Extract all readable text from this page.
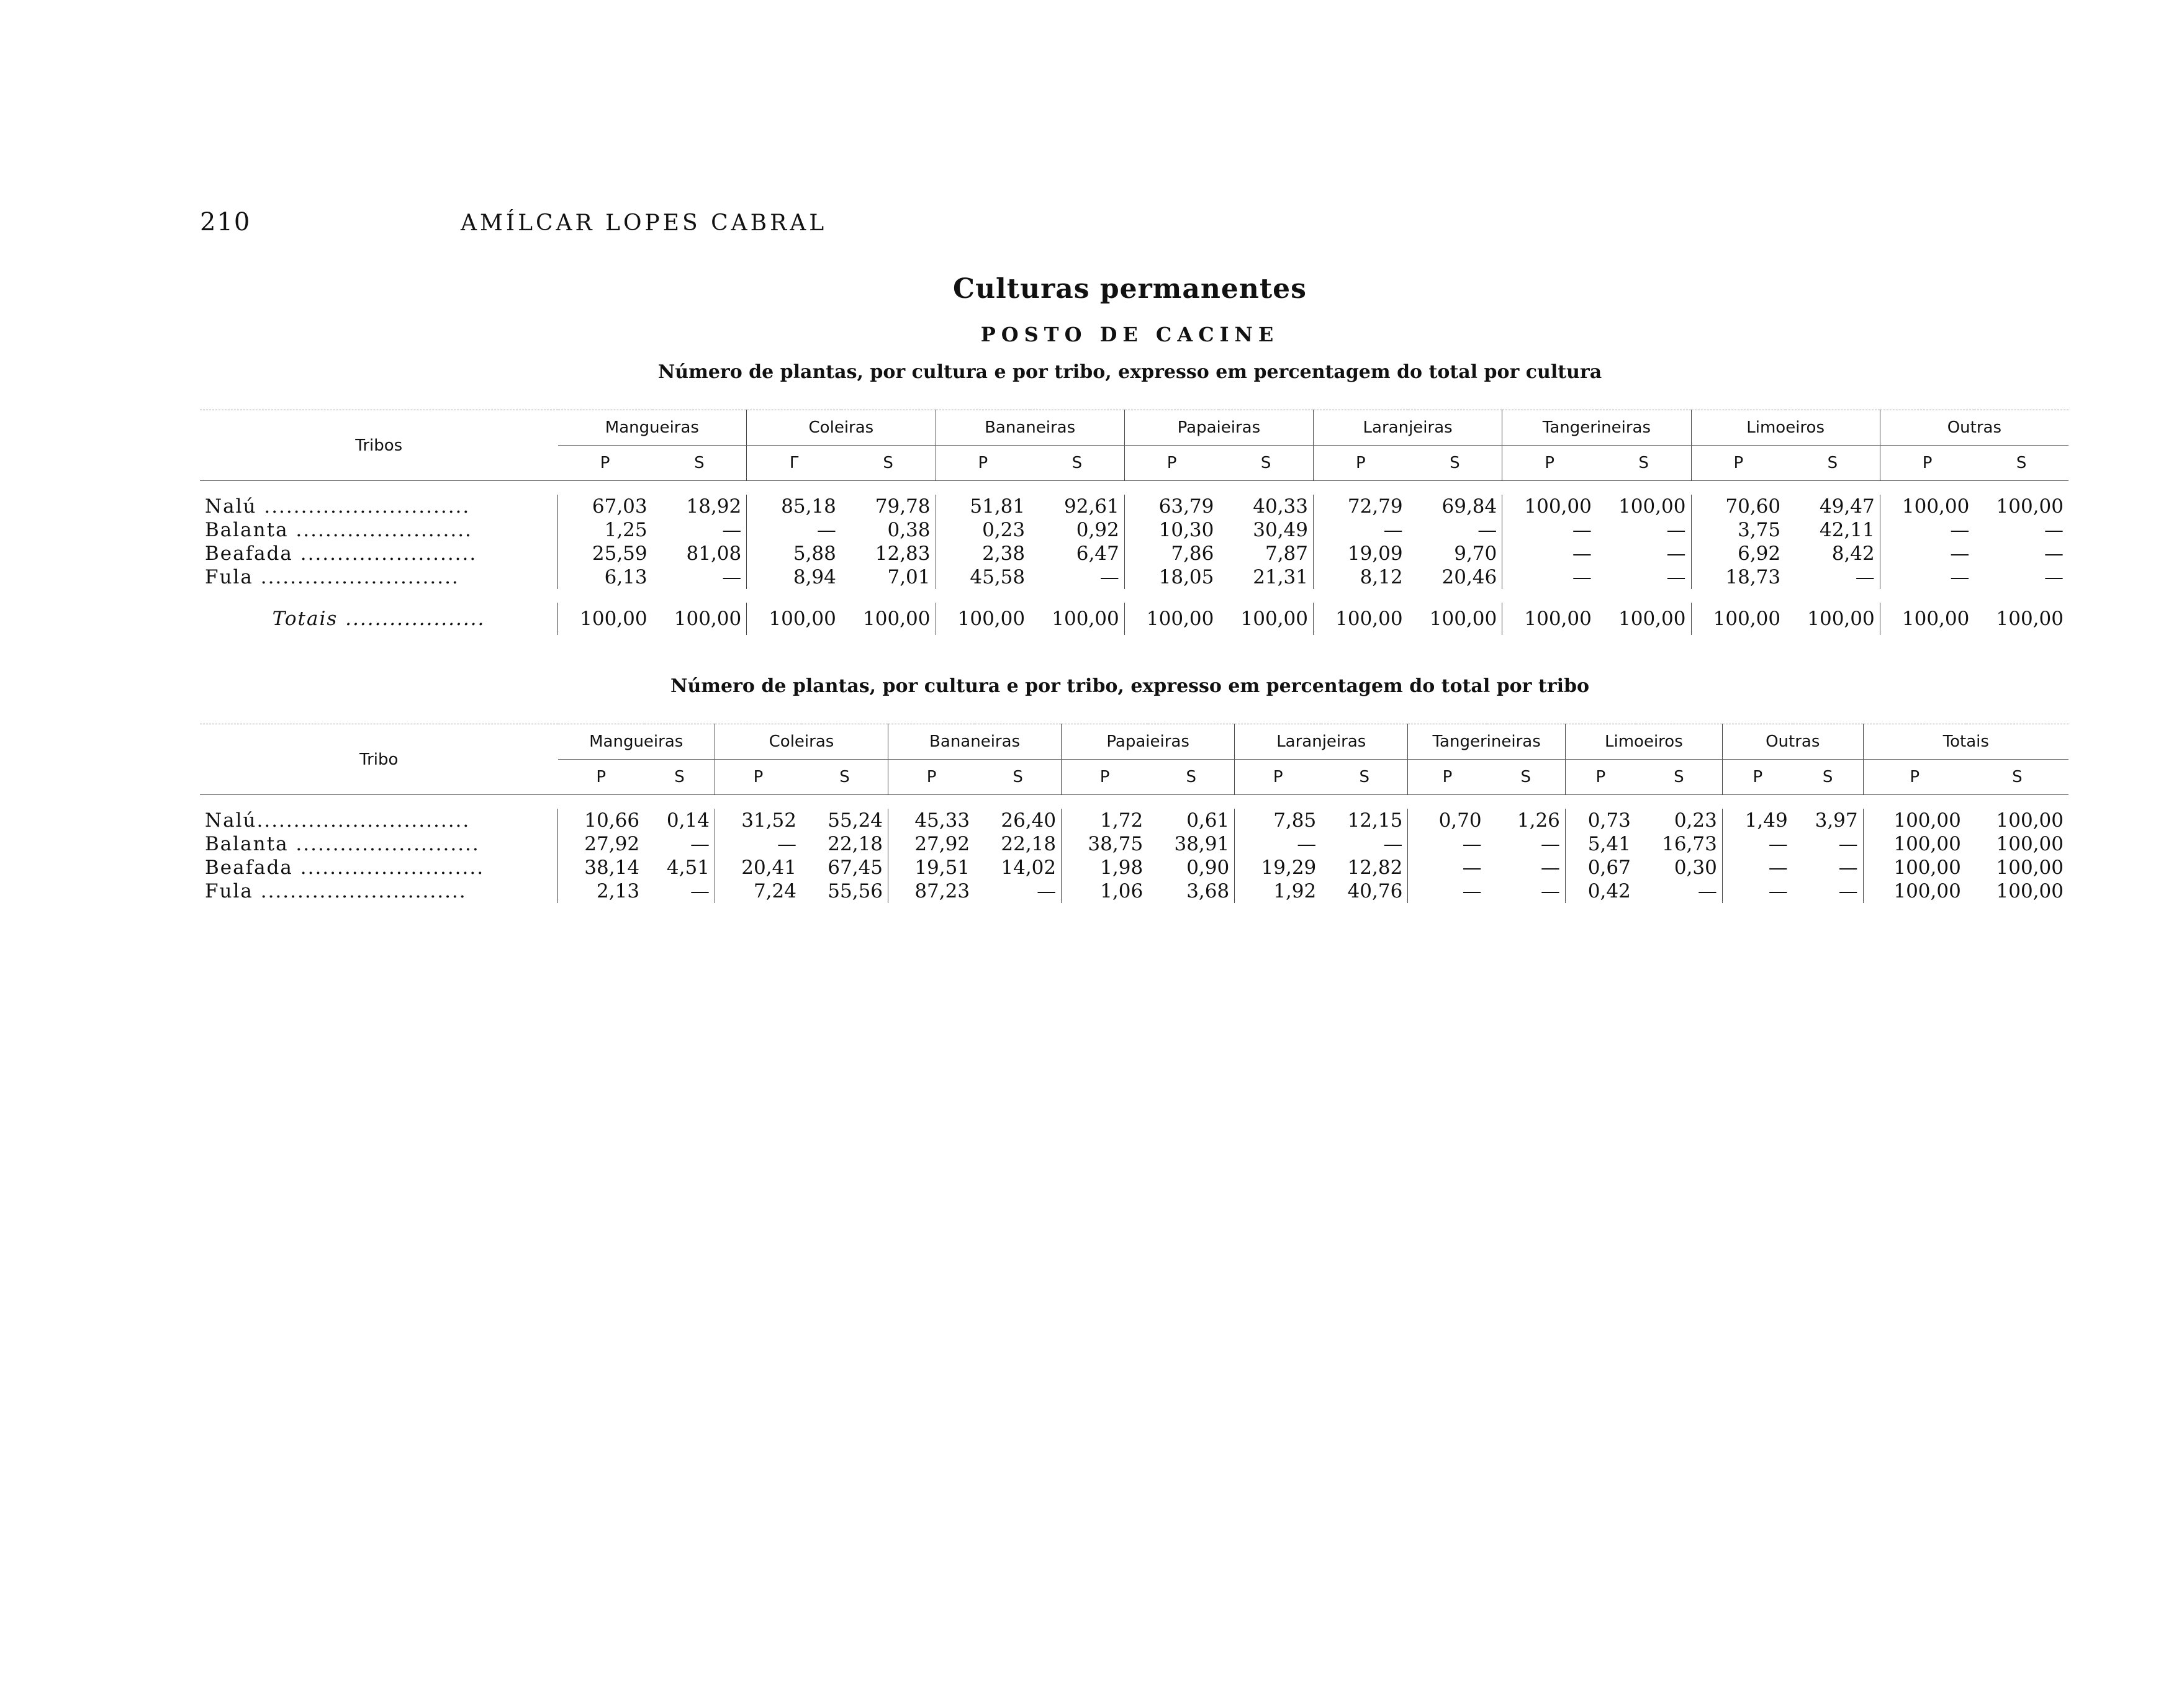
210	AMÍLCAR LOPES CABRAL
Culturas permanentes
POSTO DE CACINE
Número de plantas, por cultura e por tribo, expresso em percentagem do total por cultura
Tribos	Mangueiras		Coleiras		Bananeiras		Papaieiras		Laranjeiras		Tangerineiras		Limoeiros		Outras	
	P	S	Γ	S	P	S	P	S	P	S	P	S	P	S	P	S

Nalú ............................	67,03	18,92	85,18	79,78	51,81	92,61	63,79	40,33	72,79	69,84	100,00	100,00	70,60	49,47	100,00	100,00
Balanta ........................	1,25	—	—	0,38	0,23	0,92	10,30	30,49	—	—	—	—	3,75	42,11	—	—
Beafada ........................	25,59	81,08	5,88	12,83	2,38	6,47	7,86	7,87	19,09	9,70	—	—	6,92	8,42	—	—
Fula ...........................	6,13	—	8,94	7,01	45,58	—	18,05	21,31	8,12	20,46	—	—	18,73	—	—	—

Totais ...................	100,00	100,00	100,00	100,00	100,00	100,00	100,00	100,00	100,00	100,00	100,00	100,00	100,00	100,00	100,00	100,00
Número de plantas, por cultura e por tribo, expresso em percentagem do total por tribo
Tribo	Mangueiras		Coleiras		Bananeiras		Papaieiras		Laranjeiras		Tangerineiras		Limoeiros		Outras		Totais	
	P	S	P	S	P	S	P	S	P	S	P	S	P	S	P	S	P	S

Nalú.............................	10,66	0,14	31,52	55,24	45,33	26,40	1,72	0,61	7,85	12,15	0,70	1,26	0,73	0,23	1,49	3,97	100,00	100,00
Balanta .........................	27,92	—	—	22,18	27,92	22,18	38,75	38,91	—	—	—	—	5,41	16,73	—	—	100,00	100,00
Beafada .........................	38,14	4,51	20,41	67,45	19,51	14,02	1,98	0,90	19,29	12,82	—	—	0,67	0,30	—	—	100,00	100,00
Fula ............................	2,13	—	7,24	55,56	87,23	—	1,06	3,68	1,92	40,76	—	—	0,42	—	—	—	100,00	100,00
